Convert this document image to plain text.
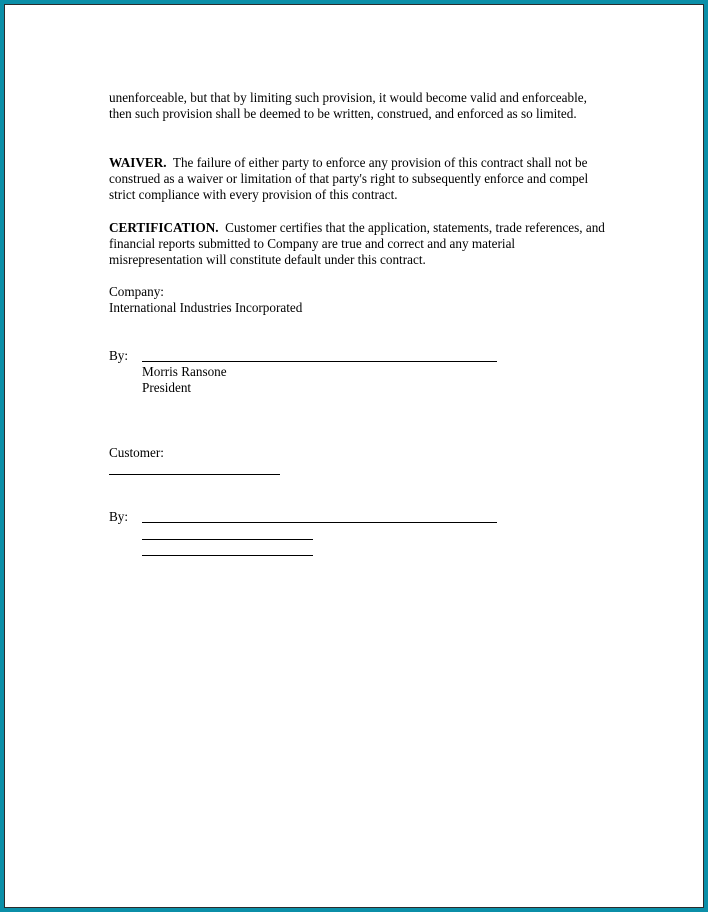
unenforceable, but that by limiting such provision, it would become valid and enforceable, then such provision shall be deemed to be written, construed, and enforced as so limited.

WAIVER. The failure of either party to enforce any provision of this contract shall not be construed as a waiver or limitation of that party's right to subsequently enforce and compel strict compliance with every provision of this contract.

CERTIFICATION. Customer certifies that the application, statements, trade references, and financial reports submitted to Company are true and correct and any material misrepresentation will constitute default under this contract.

Company:
International Industries Incorporated
By:
Morris Ransone
President
Customer:
By:
